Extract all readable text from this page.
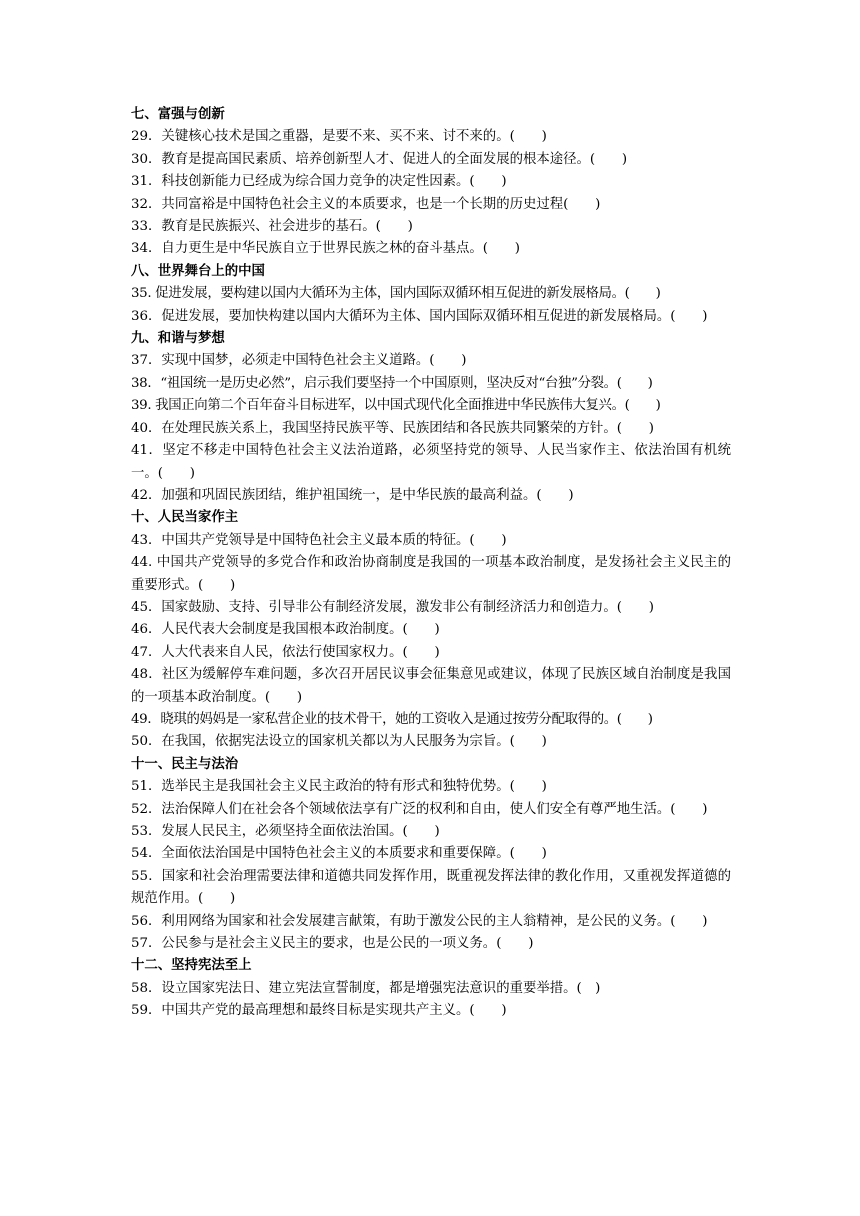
七、富强与创新
29．关键核心技术是国之重器，是要不来、买不来、讨不来的。(　　)
30．教育是提高国民素质、培养创新型人才、促进人的全面发展的根本途径。(　　)
31．科技创新能力已经成为综合国力竞争的决定性因素。(　　)
32．共同富裕是中国特色社会主义的本质要求，也是一个长期的历史过程(　　)
33．教育是民族振兴、社会进步的基石。(　　)
34．自力更生是中华民族自立于世界民族之林的奋斗基点。(　　)
八、世界舞台上的中国
35. 促进发展，要构建以国内大循环为主体，国内国际双循环相互促进的新发展格局。(　　)
36．促进发展，要加快构建以国内大循环为主体、国内国际双循环相互促进的新发展格局。(　　)
九、和谐与梦想
37．实现中国梦，必须走中国特色社会主义道路。(　　)
38．“祖国统一是历史必然”，启示我们要坚持一个中国原则，坚决反对“台独”分裂。(　　)
39. 我国正向第二个百年奋斗目标进军，以中国式现代化全面推进中华民族伟大复兴。(　　)
40．在处理民族关系上，我国坚持民族平等、民族团结和各民族共同繁荣的方针。(　　)
41．坚定不移走中国特色社会主义法治道路，必须坚持党的领导、人民当家作主、依法治国有机统一。(　　)
42．加强和巩固民族团结，维护祖国统一，是中华民族的最高利益。(　　)
十、人民当家作主
43．中国共产党领导是中国特色社会主义最本质的特征。(　　)
44. 中国共产党领导的多党合作和政治协商制度是我国的一项基本政治制度，是发扬社会主义民主的重要形式。(　　)
45．国家鼓励、支持、引导非公有制经济发展，激发非公有制经济活力和创造力。(　　)
46．人民代表大会制度是我国根本政治制度。(　　)
47．人大代表来自人民，依法行使国家权力。(　　)
48．社区为缓解停车难问题，多次召开居民议事会征集意见或建议，体现了民族区域自治制度是我国的一项基本政治制度。(　　)
49．晓琪的妈妈是一家私营企业的技术骨干，她的工资收入是通过按劳分配取得的。(　　)
50．在我国，依据宪法设立的国家机关都以为人民服务为宗旨。(　　)
十一、民主与法治
51．选举民主是我国社会主义民主政治的特有形式和独特优势。(　　)
52．法治保障人们在社会各个领域依法享有广泛的权利和自由，使人们安全有尊严地生活。(　　)
53．发展人民民主，必须坚持全面依法治国。(　　)
54．全面依法治国是中国特色社会主义的本质要求和重要保障。(　　)
55．国家和社会治理需要法律和道德共同发挥作用，既重视发挥法律的教化作用，又重视发挥道德的规范作用。(　　)
56．利用网络为国家和社会发展建言献策，有助于激发公民的主人翁精神，是公民的义务。(　　)
57．公民参与是社会主义民主的要求，也是公民的一项义务。(　　)
十二、坚持宪法至上
58．设立国家宪法日、建立宪法宣誓制度，都是增强宪法意识的重要举措。(　)
59．中国共产党的最高理想和最终目标是实现共产主义。(　　)
